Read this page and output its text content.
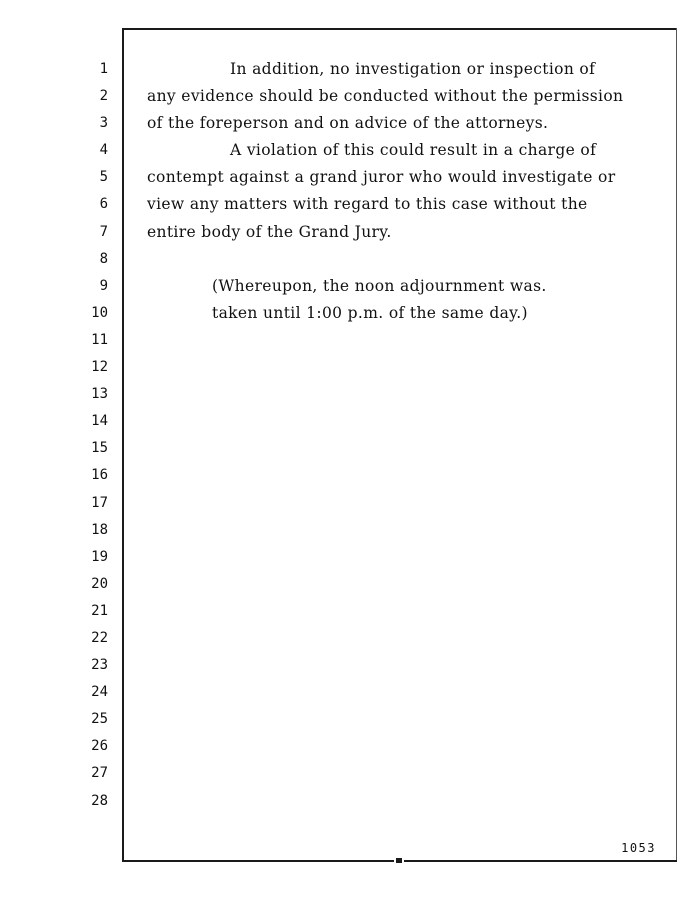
1
2
3
4
5
6
7
8
9
10
11
12
13
14
15
16
17
18
19
20
21
22
23
24
25
26
27
28
In addition, no investigation or inspection of
any evidence should be conducted without the permission
of the foreperson and on advice of the attorneys.
A violation of this could result in a charge of
contempt against a grand juror who would investigate or
view any matters with regard to this case without the
entire body of the Grand Jury.
(Whereupon, the noon adjournment was.
taken until 1:00 p.m. of the same day.)
1053
